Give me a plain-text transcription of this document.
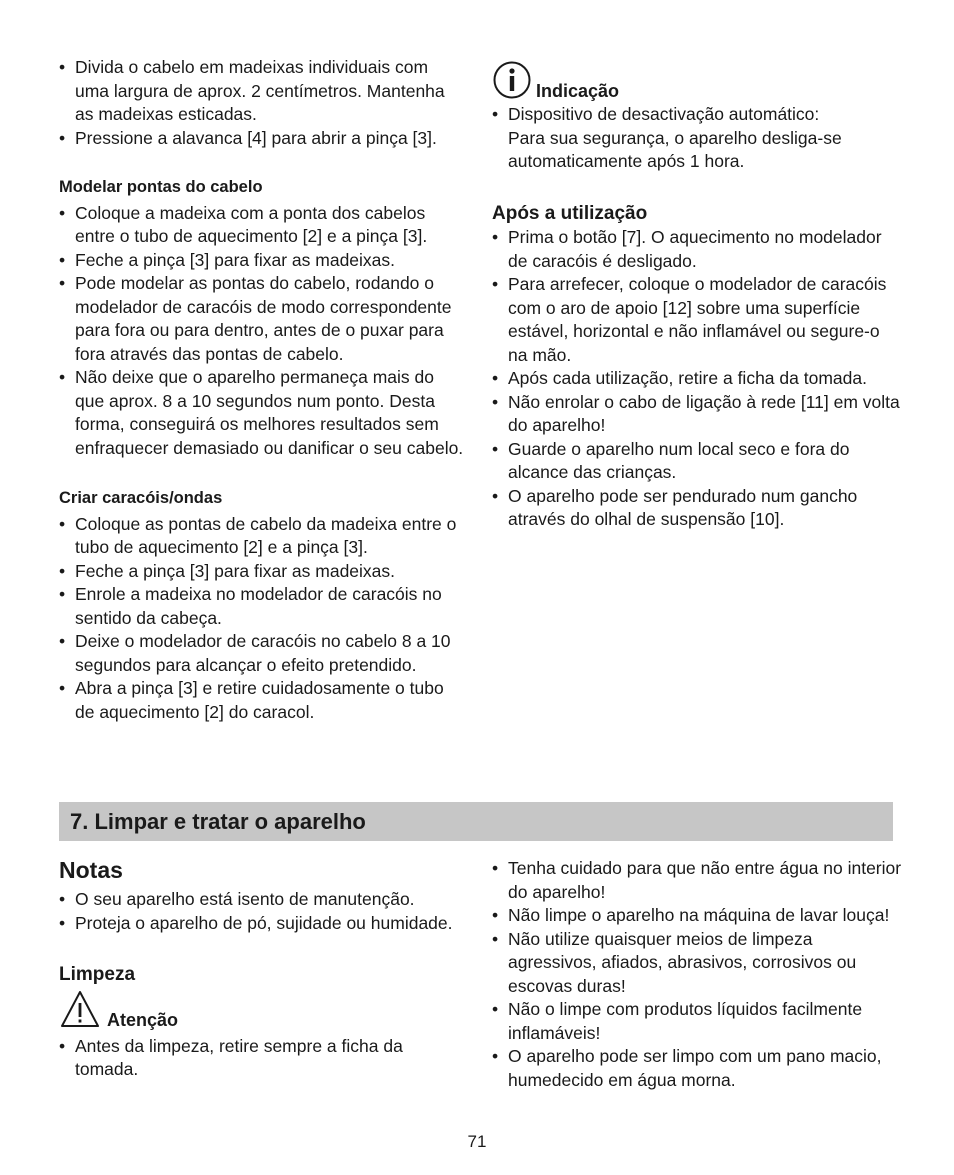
• Divida o cabelo em madeixas individuais com uma largura de aprox. 2 centímetros. Mantenha as madeixas esticadas.
• Pressione a alavanca [4] para abrir a pinça [3].
Modelar pontas do cabelo
• Coloque a madeixa com a ponta dos cabelos entre o tubo de aquecimento [2] e a pinça [3].
• Feche a pinça [3] para fixar as madeixas.
• Pode modelar as pontas do cabelo, rodando o modelador de caracóis de modo correspondente para fora ou para dentro, antes de o puxar para fora através das pontas de cabelo.
• Não deixe que o aparelho permaneça mais do que aprox. 8 a 10 segundos num ponto. Desta forma, conseguirá os melhores resultados sem enfraquecer demasiado ou danificar o seu cabelo.
Criar caracóis/ondas
• Coloque as pontas de cabelo da madeixa entre o tubo de aquecimento [2] e a pinça [3].
• Feche a pinça [3] para fixar as madeixas.
• Enrole a madeixa no modelador de caracóis no sentido da cabeça.
• Deixe o modelador de caracóis no cabelo 8 a 10 segundos para alcançar o efeito pretendido.
• Abra a pinça [3] e retire cuidadosamente o tubo de aquecimento [2] do caracol.
Indicação
• Dispositivo de desactivação automático:
Para sua segurança, o aparelho desliga-se automaticamente após 1 hora.
Após a utilização
• Prima o botão [7]. O aquecimento no modelador de caracóis é desligado.
• Para arrefecer, coloque o modelador de caracóis com o aro de apoio [12] sobre uma superfície estável, horizontal e não inflamável ou segure-o na mão.
• Após cada utilização, retire a ficha da tomada.
• Não enrolar o cabo de ligação à rede [11] em volta do aparelho!
• Guarde o aparelho num local seco e fora do alcance das crianças.
• O aparelho pode ser pendurado num gancho através do olhal de suspensão [10].
7. Limpar e tratar o aparelho
Notas
• O seu aparelho está isento de manutenção.
• Proteja o aparelho de pó, sujidade ou humidade.
Limpeza
Atenção
• Antes da limpeza, retire sempre a ficha da tomada.
• Tenha cuidado para que não entre água no interior do aparelho!
• Não limpe o aparelho na máquina de lavar louça!
• Não utilize quaisquer meios de limpeza agressivos, afiados, abrasivos, corrosivos ou escovas duras!
• Não o limpe com produtos líquidos facilmente inflamáveis!
• O aparelho pode ser limpo com um pano macio, humedecido em água morna.
71
